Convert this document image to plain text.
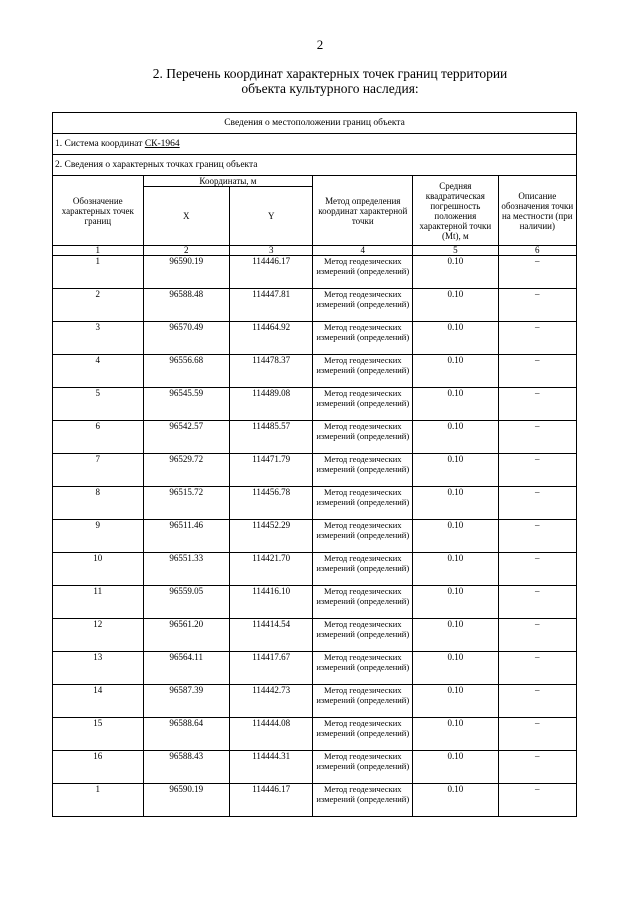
2
2. Перечень координат характерных точек границ территории
объекта культурного наследия:
Сведения о местоположении границ объекта					
1. Система координат СК-1964					
2. Сведения о характерных точках границ объекта					
Обозначение характерных точек границ	Координаты, м		Метод определения координат характерной точки	Средняя квадратическая погрешность положения характерной точки (Mt), м	Описание обозначения точки на местности (при наличии)
	X	Y			
1	2	3	4	5	6
1	96590.19	114446.17	Метод геодезических измерений (определений)	0.10	–
2	96588.48	114447.81	Метод геодезических измерений (определений)	0.10	–
3	96570.49	114464.92	Метод геодезических измерений (определений)	0.10	–
4	96556.68	114478.37	Метод геодезических измерений (определений)	0.10	–
5	96545.59	114489.08	Метод геодезических измерений (определений)	0.10	–
6	96542.57	114485.57	Метод геодезических измерений (определений)	0.10	–
7	96529.72	114471.79	Метод геодезических измерений (определений)	0.10	–
8	96515.72	114456.78	Метод геодезических измерений (определений)	0.10	–
9	96511.46	114452.29	Метод геодезических измерений (определений)	0.10	–
10	96551.33	114421.70	Метод геодезических измерений (определений)	0.10	–
11	96559.05	114416.10	Метод геодезических измерений (определений)	0.10	–
12	96561.20	114414.54	Метод геодезических измерений (определений)	0.10	–
13	96564.11	114417.67	Метод геодезических измерений (определений)	0.10	–
14	96587.39	114442.73	Метод геодезических измерений (определений)	0.10	–
15	96588.64	114444.08	Метод геодезических измерений (определений)	0.10	–
16	96588.43	114444.31	Метод геодезических измерений (определений)	0.10	–
1	96590.19	114446.17	Метод геодезических измерений (определений)	0.10	–
